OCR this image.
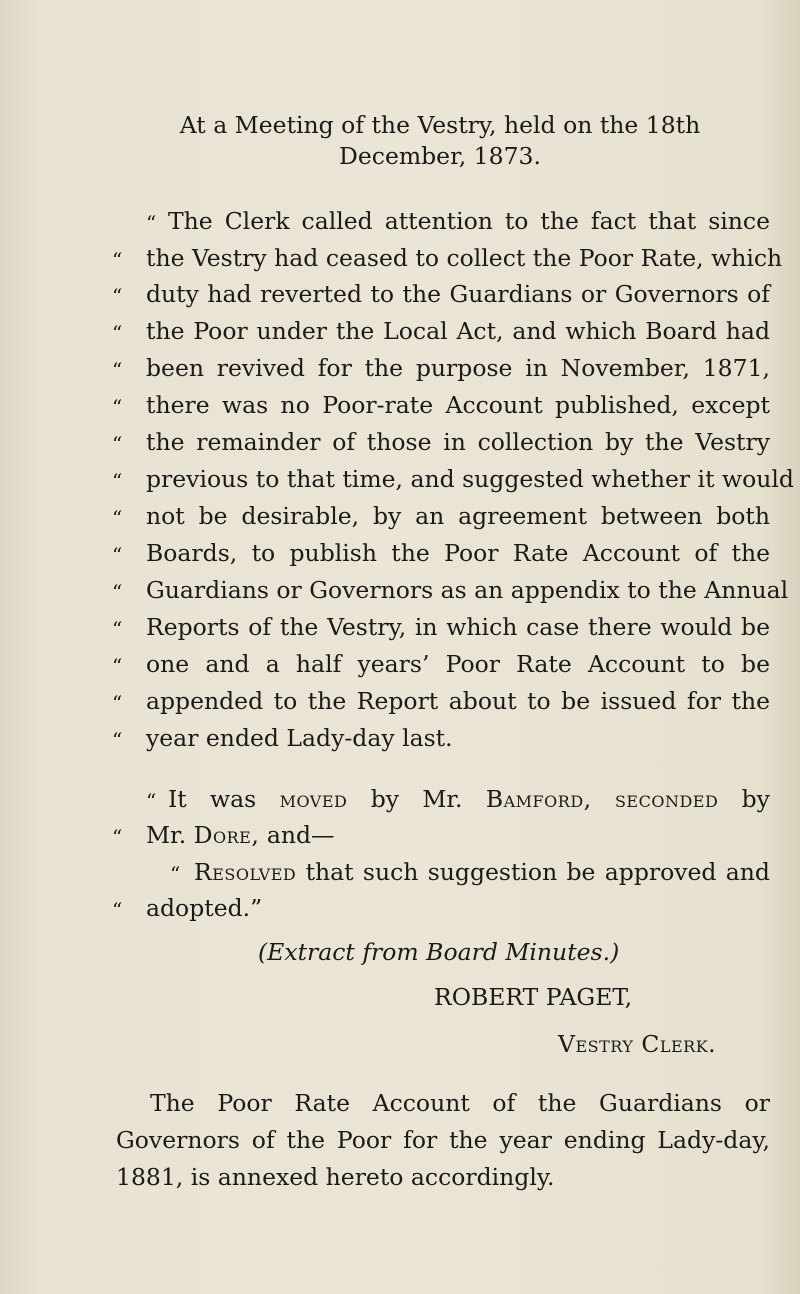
At a Meeting of the Vestry, held on the 18th
December, 1873.
“ The Clerk called attention to the fact that since
“ the Vestry had ceased to collect the Poor Rate, which
“ duty had reverted to the Guardians or Governors of
“ the Poor under the Local Act, and which Board had
“ been revived for the purpose in November, 1871,
“ there was no Poor-rate Account published, except
“ the remainder of those in collection by the Vestry
“ previous to that time, and suggested whether it would
“ not be desirable, by an agreement between both
“ Boards, to publish the Poor Rate Account of the
“ Guardians or Governors as an appendix to the Annual
“ Reports of the Vestry, in which case there would be
“ one and a half years’ Poor Rate Account to be
“ appended to the Report about to be issued for the
“ year ended Lady-day last.
“ It was moved by Mr. Bamford, seconded by
“ Mr. Dore, and—
“ Resolved that such suggestion be approved and
“ adopted.”
(Extract from Board Minutes.)
ROBERT PAGET,
Vestry Clerk.
The Poor Rate Account of the Guardians or
Governors of the Poor for the year ending Lady-day,
1881, is annexed hereto accordingly.
